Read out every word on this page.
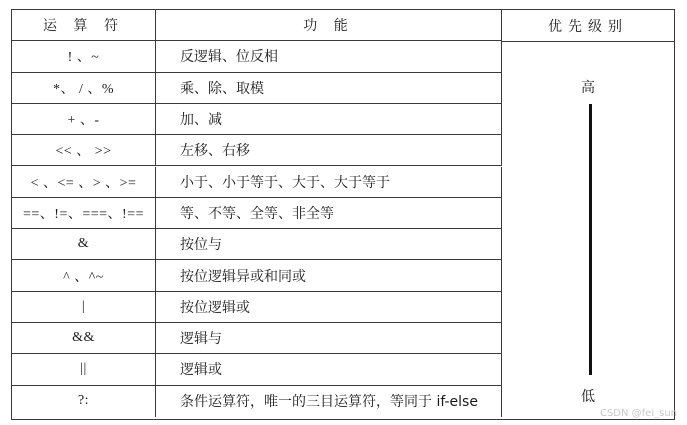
运 算 符	功 能	优先级别
! 、~	反逻辑、位反相
*、 / 、%	乘、除、取模
+ 、-	加、减
<< 、 >>	左移、右移
< 、<= 、> 、>=	小于、小于等于、大于、大于等于
==、!=、===、!==	等、不等、全等、非全等
&	按位与
^ 、^~	按位逻辑异或和同或
|	按位逻辑或
&&	逻辑与
||	逻辑或
?:	条件运算符，唯一的三目运算符，等同于 if-else
高
低
CSDN @fei_sun
